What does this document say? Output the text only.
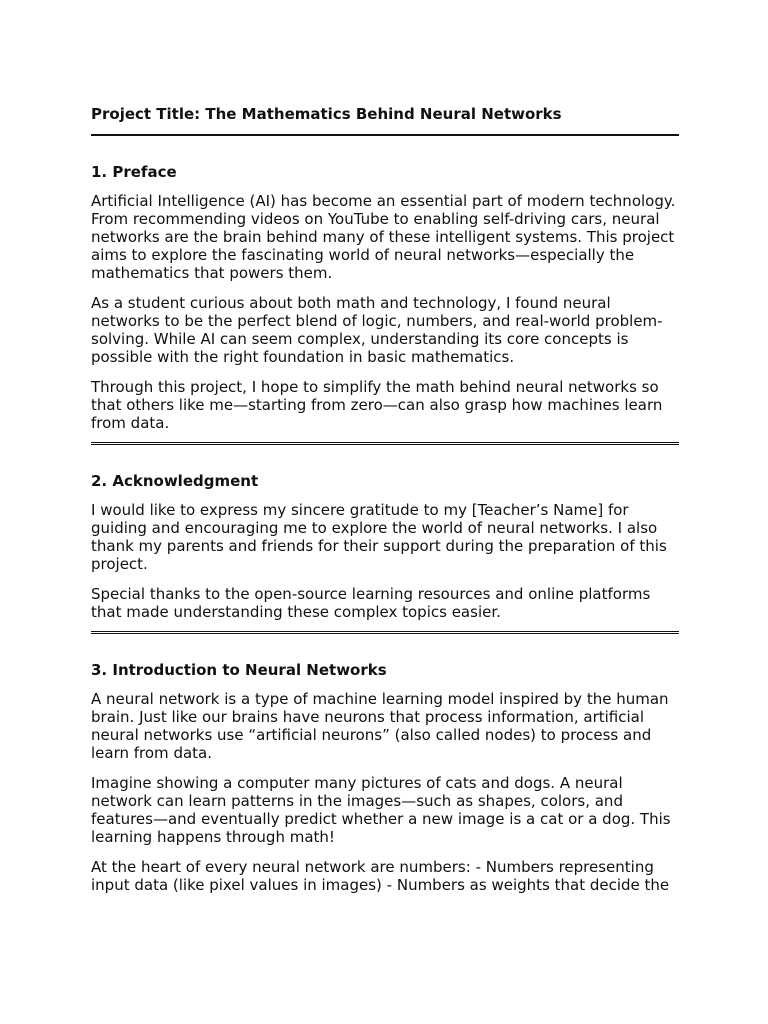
Project Title: The Mathematics Behind Neural Networks
1. Preface

Artificial Intelligence (AI) has become an essential part of modern technology. From recommending videos on YouTube to enabling self-driving cars, neural networks are the brain behind many of these intelligent systems. This project aims to explore the fascinating world of neural networks—especially the mathematics that powers them.

As a student curious about both math and technology, I found neural networks to be the perfect blend of logic, numbers, and real-world problem-solving. While AI can seem complex, understanding its core concepts is possible with the right foundation in basic mathematics.

Through this project, I hope to simplify the math behind neural networks so that others like me—starting from zero—can also grasp how machines learn from data.

2. Acknowledgment

I would like to express my sincere gratitude to my [Teacher’s Name] for guiding and encouraging me to explore the world of neural networks. I also thank my parents and friends for their support during the preparation of this project.

Special thanks to the open-source learning resources and online platforms that made understanding these complex topics easier.

3. Introduction to Neural Networks

A neural network is a type of machine learning model inspired by the human brain. Just like our brains have neurons that process information, artificial neural networks use “artificial neurons” (also called nodes) to process and learn from data.

Imagine showing a computer many pictures of cats and dogs. A neural network can learn patterns in the images—such as shapes, colors, and features—and eventually predict whether a new image is a cat or a dog. This learning happens through math!

At the heart of every neural network are numbers: - Numbers representing input data (like pixel values in images) - Numbers as weights that decide the
